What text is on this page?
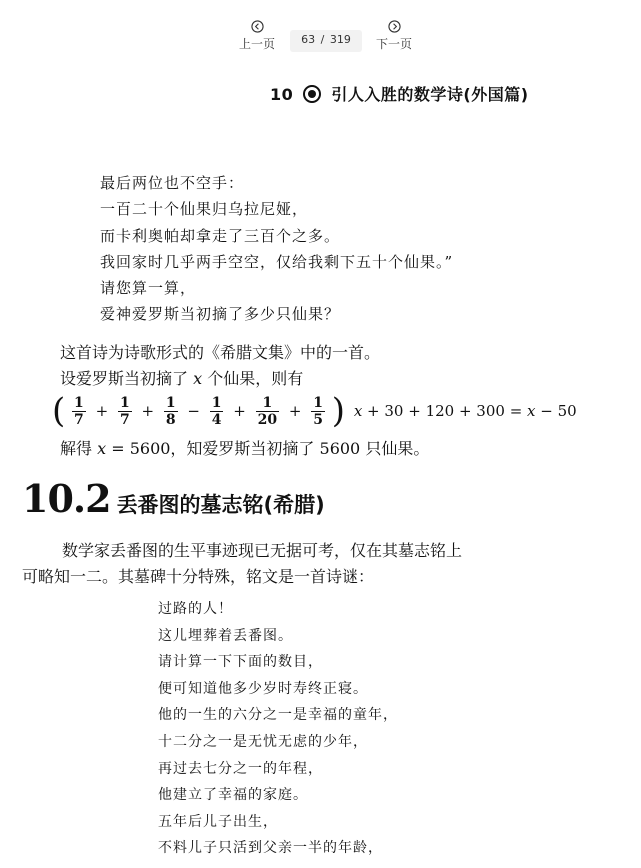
上一页	63 / 319	下一页
10 引人入胜的数学诗(外国篇)
最后两位也不空手：
一百二十个仙果归乌拉尼娅，
而卡利奥帕却拿走了三百个之多。
我回家时几乎两手空空，仅给我剩下五十个仙果。”
请您算一算，
爱神爱罗斯当初摘了多少只仙果？
这首诗为诗歌形式的《希腊文集》中的一首。
设爱罗斯当初摘了 x 个仙果，则有
( $\frac{1}{7} + \frac{1}{7} + \frac{1}{8} - \frac{1}{4} + \frac{1}{20} + \frac{1}{5}$ ) x + 30 + 120 + 300 = x − 50
解得 x = 5600，知爱罗斯当初摘了 5600 只仙果。
10.2 丢番图的墓志铭(希腊)
数学家丢番图的生平事迹现已无据可考，仅在其墓志铭上
可略知一二。其墓碑十分特殊，铭文是一首诗谜：
过路的人！
这儿埋葬着丢番图。
请计算一下下面的数目，
便可知道他多少岁时寿终正寝。
他的一生的六分之一是幸福的童年，
十二分之一是无忧无虑的少年，
再过去七分之一的年程，
他建立了幸福的家庭。
五年后儿子出生，
不料儿子只活到父亲一半的年龄，
